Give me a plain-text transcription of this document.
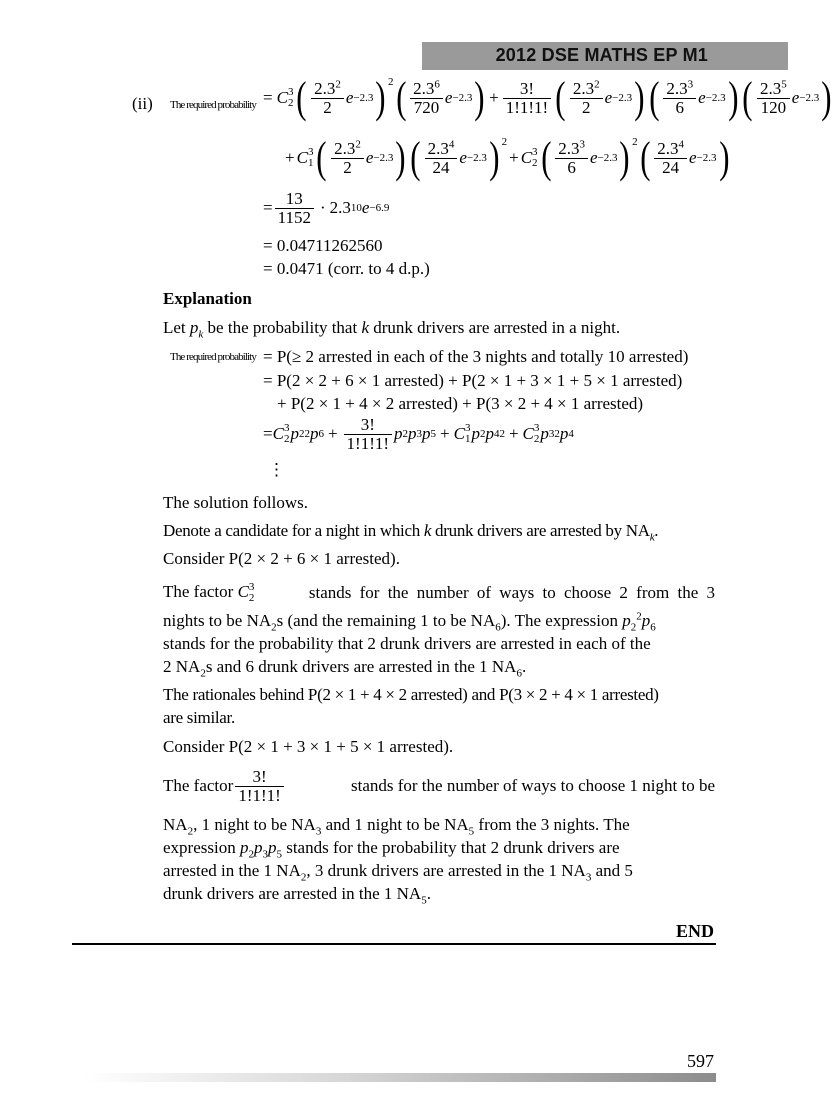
2012 DSE MATHS EP M1
(ii) The required probability = C 3
2 ( $\frac{2.3^2}{2}$ e −2.3 )$^2$ ( $\frac{2.3^6}{720}$ e −2.3 ) + $\frac{3!}{1!1!1!}$ ( $\frac{2.3^2}{2}$ e −2.3 ) ( $\frac{2.3^3}{6}$ e −2.3 ) ( $\frac{2.3^5}{120}$ e −2.3 )
+ C 3
1 ( $\frac{2.3^2}{2}$ e −2.3 ) ( $\frac{2.3^4}{24}$ e −2.3 )$^2$
+ C 3
2 ( $\frac{2.3^3}{6}$ e −2.3 )$^2$ ( $\frac{2.3^4}{24}$ e −2.3 )
= $\frac{13}{1152} \cdot 2.3$ 10 e −6.9
= 0.04711262560
= 0.0471 (corr. to 4 d.p.)
Explanation
Let $p_k$ be the probability that k drunk drivers are arrested in a night.
The required probability = P(≥ 2 arrested in each of the 3 nights and totally 10 arrested)
= P(2 × 2 + 6 × 1 arrested) + P(2 × 1 + 3 × 1 + 5 × 1 arrested)
+ P(2 × 1 + 4 × 2 arrested) + P(3 × 2 + 4 × 1 arrested)
= C 3
2 p 2 2 p $6 + \frac{3!}{1!1!1!}$ p 2 p 3 p 5 + C 3
1 p 2 p 4 2 + C 3
2 p 3 2 p 4
⋮
The solution follows.
Denote a candidate for a night in which k drunk drivers are arrested by $NA_k$.
Consider P(2 × 2 + 6 × 1 arrested).
The factor C 3
2	stands for the number of ways to choose 2 from the 3
nights to be $NA_2s$ (and the remaining 1 to be $NA_6$). The expression $p_2^2p_6$
stands for the probability that 2 drunk drivers are arrested in each of the
2 $NA_2s$ and 6 drunk drivers are arrested in the 1 $NA_6$.
The rationales behind P(2 × 1 + 4 × 2 arrested) and P(3 × 2 + 4 × 1 arrested)
are similar.
Consider P(2 × 1 + 3 × 1 + 5 × 1 arrested).
The factor $\frac{3!}{1!1!1!}$	stands for the number of ways to choose 1 night to be
$NA_2$, 1 night to be $NA_3$ and 1 night to be $NA_5$ from the 3 nights. The
expression $p_2p_3p_5$ stands for the probability that 2 drunk drivers are
arrested in the 1 $NA_2$, 3 drunk drivers are arrested in the 1 $NA_3$ and 5
drunk drivers are arrested in the 1 $NA_5$.
END
597
